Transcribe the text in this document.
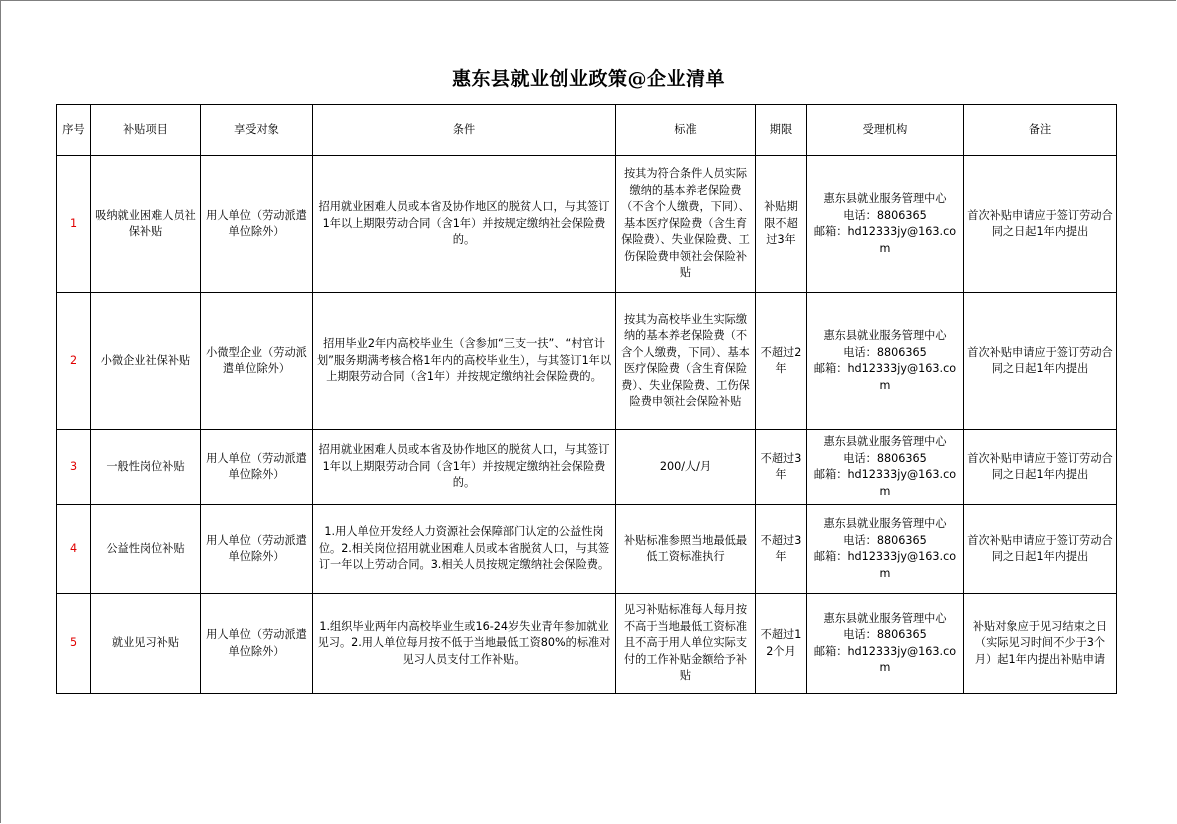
惠东县就业创业政策@企业清单
序号	补贴项目	享受对象	条件	标准	期限	受理机构	备注
1	吸纳就业困难人员社保补贴	用人单位（劳动派遣单位除外）	招用就业困难人员或本省及协作地区的脱贫人口，与其签订1年以上期限劳动合同（含1年）并按规定缴纳社会保险费的。	按其为符合条件人员实际缴纳的基本养老保险费（不含个人缴费，下同）、基本医疗保险费（含生育保险费）、失业保险费、工伤保险费申领社会保险补贴	补贴期限不超过3年	惠东县就业服务管理中心
电话：8806365
邮箱：hd12333jy@163.com	首次补贴申请应于签订劳动合同之日起1年内提出
2	小微企业社保补贴	小微型企业（劳动派遣单位除外）	招用毕业2年内高校毕业生（含参加“三支一扶”、“村官计划”服务期满考核合格1年内的高校毕业生），与其签订1年以上期限劳动合同（含1年）并按规定缴纳社会保险费的。	按其为高校毕业生实际缴纳的基本养老保险费（不含个人缴费，下同）、基本医疗保险费（含生育保险费）、失业保险费、工伤保险费申领社会保险补贴	不超过2年	惠东县就业服务管理中心
电话：8806365
邮箱：hd12333jy@163.com	首次补贴申请应于签订劳动合同之日起1年内提出
3	一般性岗位补贴	用人单位（劳动派遣单位除外）	招用就业困难人员或本省及协作地区的脱贫人口，与其签订1年以上期限劳动合同（含1年）并按规定缴纳社会保险费的。	200/人/月	不超过3年	惠东县就业服务管理中心
电话：8806365
邮箱：hd12333jy@163.com	首次补贴申请应于签订劳动合同之日起1年内提出
4	公益性岗位补贴	用人单位（劳动派遣单位除外）	1.用人单位开发经人力资源社会保障部门认定的公益性岗位。2.相关岗位招用就业困难人员或本省脱贫人口，与其签订一年以上劳动合同。3.相关人员按规定缴纳社会保险费。	补贴标准参照当地最低最低工资标准执行	不超过3年	惠东县就业服务管理中心
电话：8806365
邮箱：hd12333jy@163.com	首次补贴申请应于签订劳动合同之日起1年内提出
5	就业见习补贴	用人单位（劳动派遣单位除外）	1.组织毕业两年内高校毕业生或16-24岁失业青年参加就业见习。2.用人单位每月按不低于当地最低工资80%的标准对见习人员支付工作补贴。	见习补贴标准每人每月按不高于当地最低工资标准且不高于用人单位实际支付的工作补贴金额给予补贴	不超过12个月	惠东县就业服务管理中心
电话：8806365
邮箱：hd12333jy@163.com	补贴对象应于见习结束之日（实际见习时间不少于3个月）起1年内提出补贴申请
